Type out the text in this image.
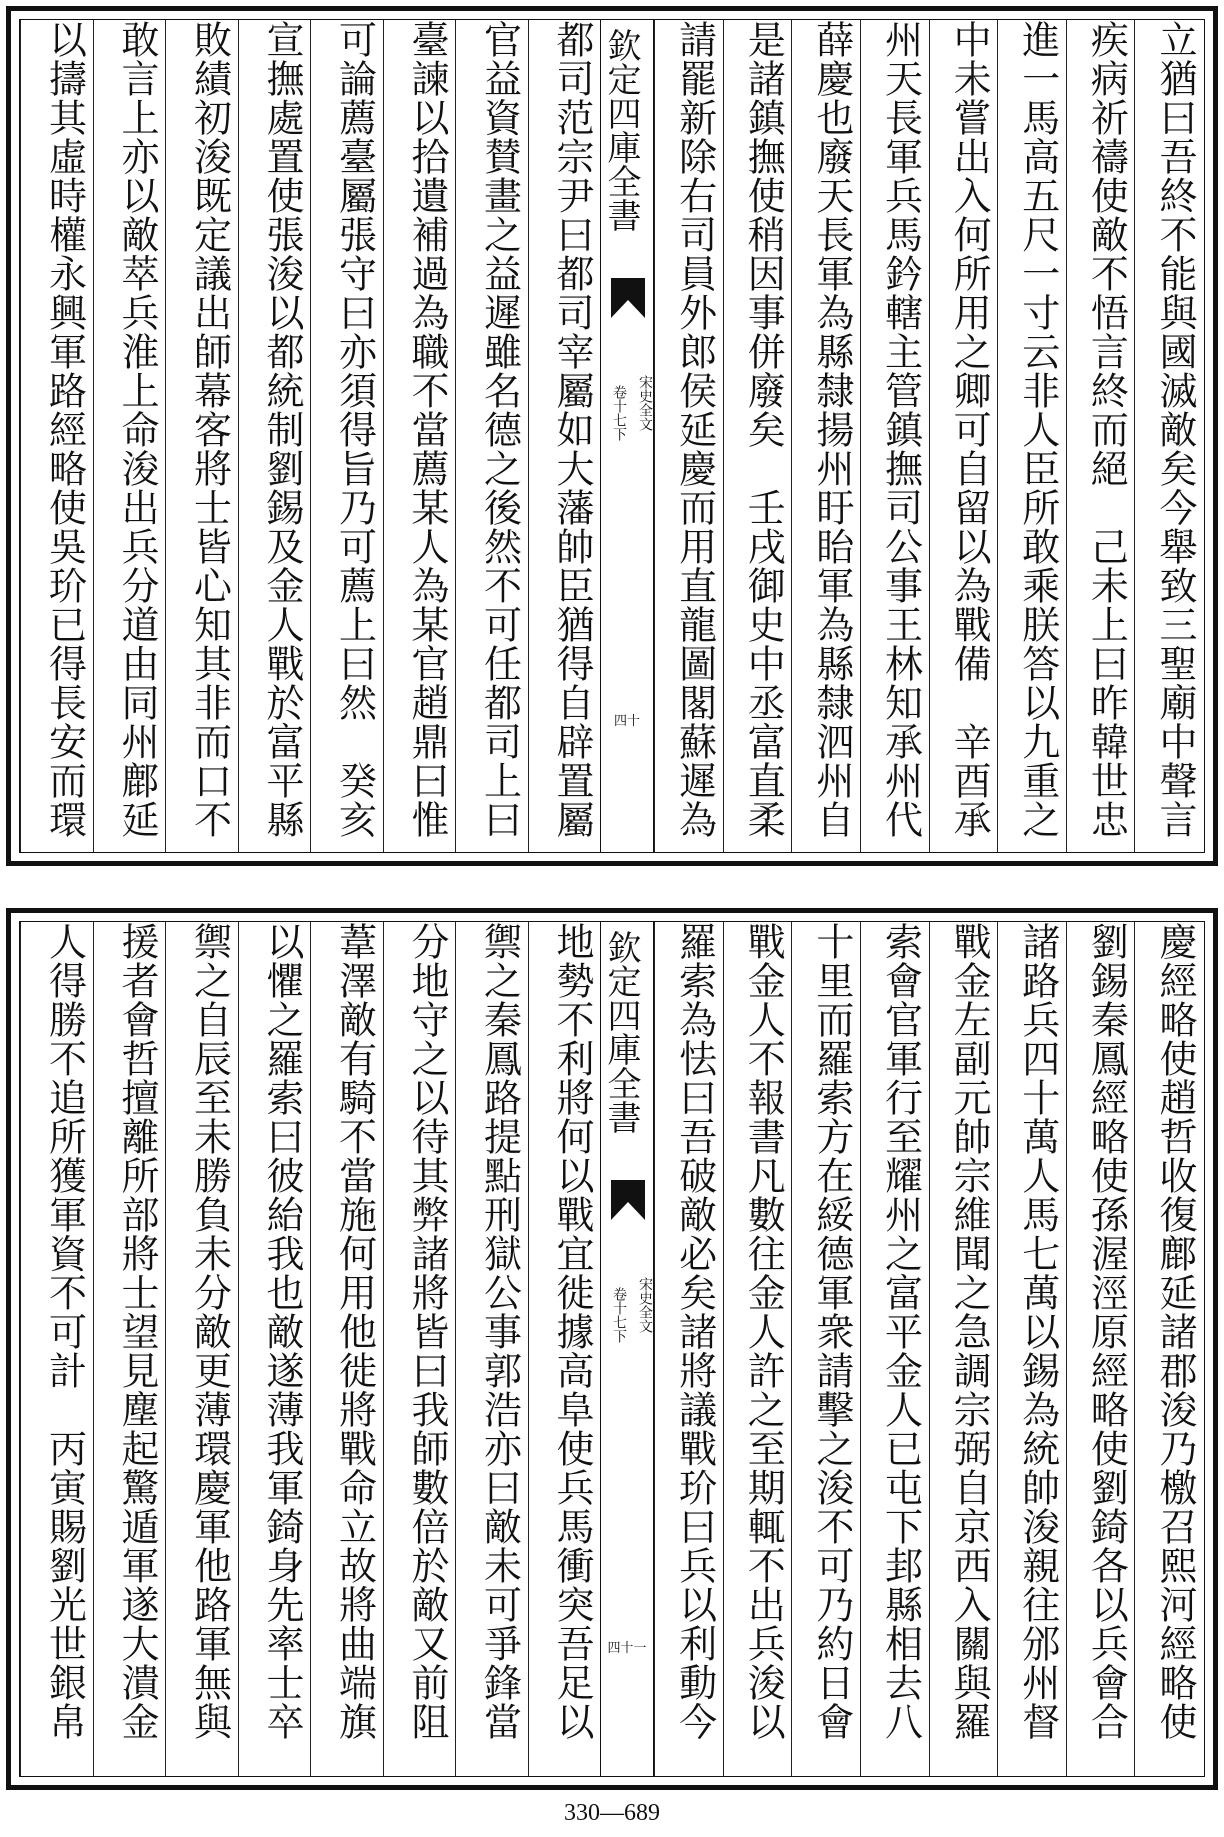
立猶曰吾終不能與國滅敵矣今舉致三聖廟中聲言
疾病祈禱使敵不悟言終而絕　己未上曰昨韓世忠
進一馬高五尺一寸云非人臣所敢乘朕答以九重之
中未嘗出入何所用之卿可自留以為戰備　辛酉承
州天長軍兵馬鈐轄主管鎮撫司公事王林知承州代
薛慶也廢天長軍為縣隸揚州盱眙軍為縣隸泗州自
是諸鎮撫使稍因事併廢矣　壬戌御史中丞富直柔
請罷新除右司員外郎侯延慶而用直龍圖閣蘇遲為
都司范宗尹曰都司宰屬如大藩帥臣猶得自辟置屬
官益資賛畫之益遲雖名德之後然不可任都司上曰
臺諫以拾遺補過為職不當薦某人為某官趙鼎曰惟
可論薦臺屬張守曰亦須得旨乃可薦上曰然　癸亥
宣撫處置使張浚以都統制劉錫及金人戰於富平縣
敗績初浚既定議出師幕客將士皆心知其非而口不
敢言上亦以敵萃兵淮上命浚出兵分道由同州鄜延
以擣其虛時權永興軍路經略使吳玠已得長安而環	欽定四庫全書
宋史全文
卷十七下
四十
慶經略使趙哲收復鄜延諸郡浚乃檄召熙河經略使
劉錫秦鳳經略使孫渥涇原經略使劉錡各以兵會合
諸路兵四十萬人馬七萬以錫為統帥浚親往邠州督
戰金左副元帥宗維聞之急調宗弼自京西入關與羅
索會官軍行至耀州之富平金人已屯下邽縣相去八
十里而羅索方在綏德軍衆請擊之浚不可乃約日會
戰金人不報書凡數往金人許之至期輒不出兵浚以
羅索為怯曰吾破敵必矣諸將議戰玠曰兵以利動今
地勢不利將何以戰宜徙據高阜使兵馬衝突吾足以
禦之秦鳳路提點刑獄公事郭浩亦曰敵未可爭鋒當
分地守之以待其弊諸將皆曰我師數倍於敵又前阻
葦澤敵有騎不當施何用他徙將戰命立故將曲端旗
以懼之羅索曰彼紿我也敵遂薄我軍錡身先率士卒
禦之自辰至未勝負未分敵更薄環慶軍他路軍無與
援者會哲擅離所部將士望見塵起驚遁軍遂大潰金
人得勝不追所獲軍資不可計　丙寅賜劉光世銀帛	欽定四庫全書
宋史全文
卷十七下
四十一
330—689
